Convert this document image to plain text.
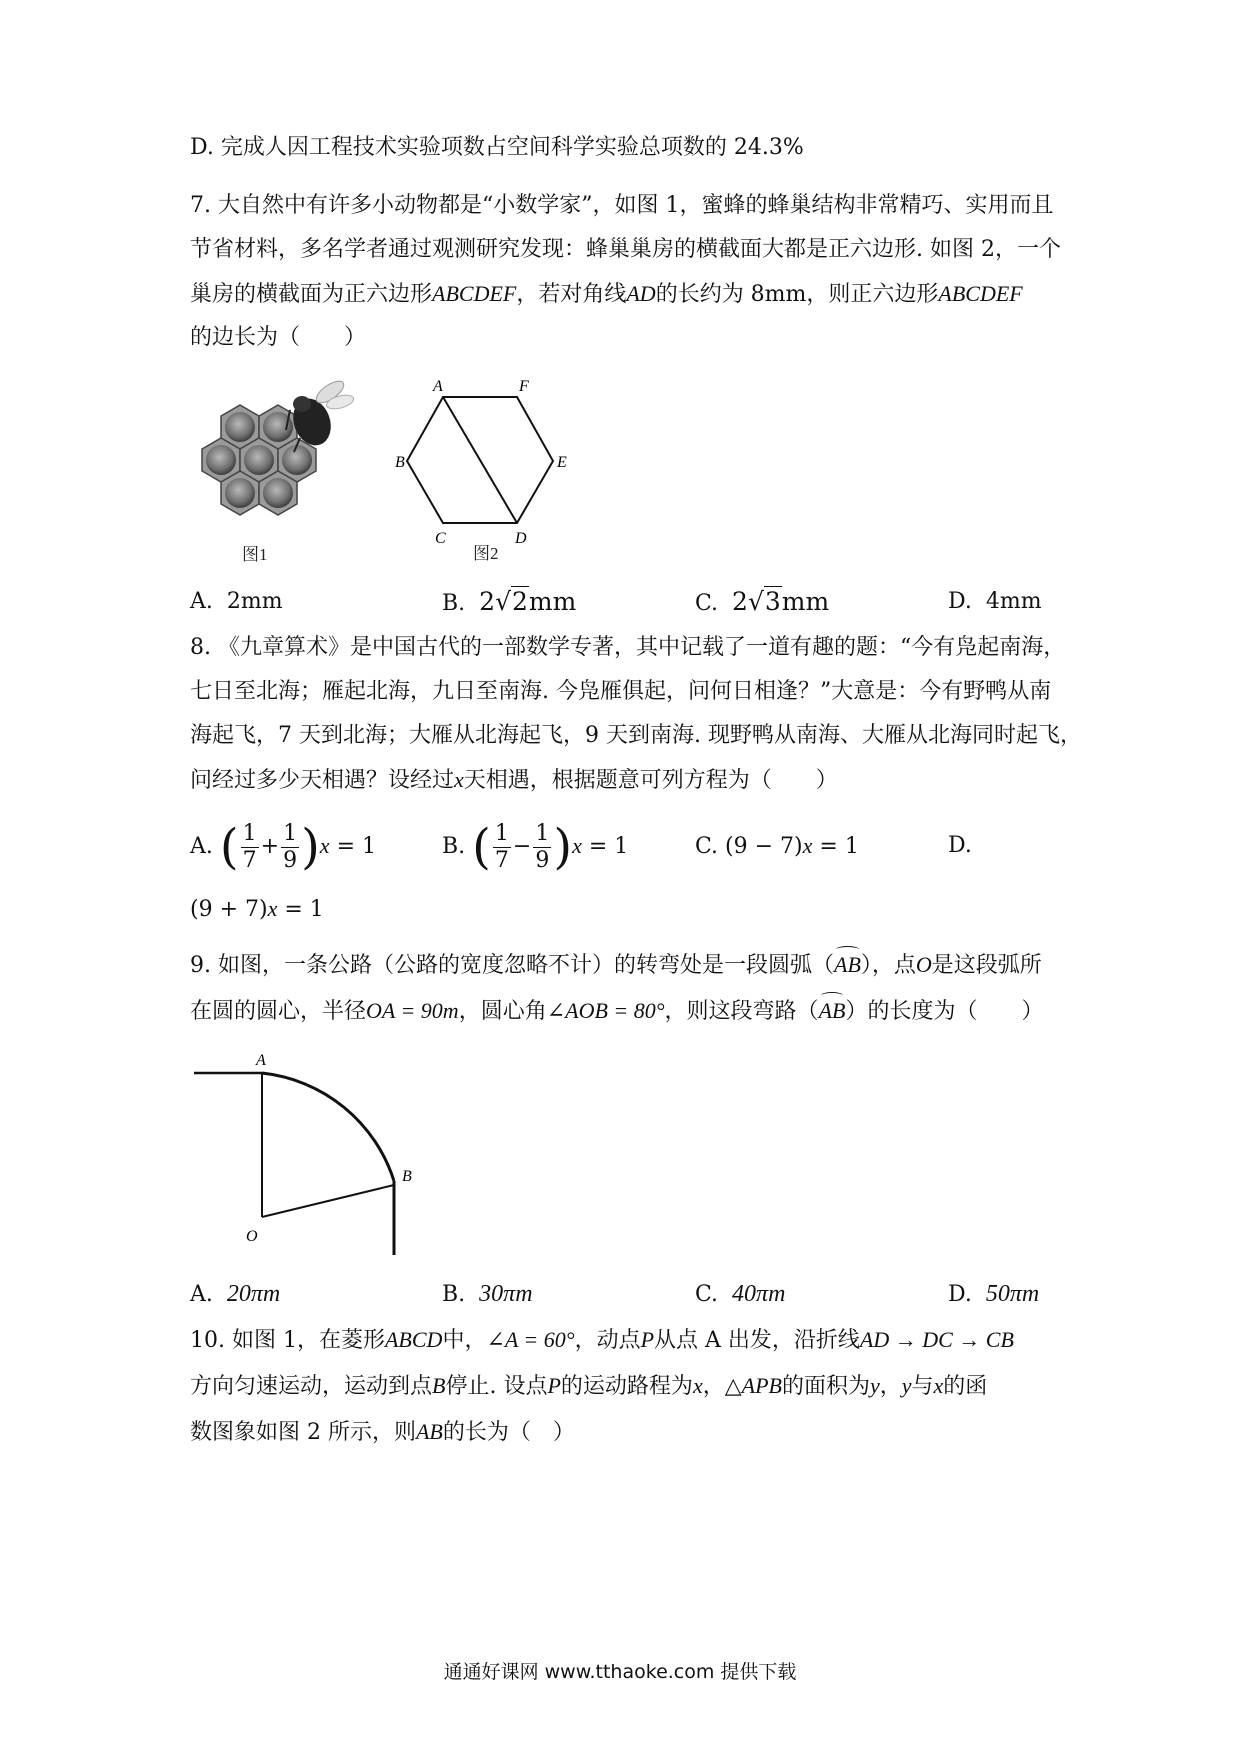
D. 完成人因工程技术实验项数占空间科学实验总项数的 24.3%
7. 大自然中有许多小动物都是“小数学家”，如图 1，蜜蜂的蜂巢结构非常精巧、实用而且
节省材料，多名学者通过观测研究发现：蜂巢巢房的横截面大都是正六边形. 如图 2，一个
巢房的横截面为正六边形ABCDEF，若对角线AD的长约为 8mm，则正六边形ABCDEF
的边长为（　　）
图1
A	F
B	E
C	D
图2
A. 2mm	B. 2√2mm	C. 2√3mm	D. 4mm
8. 《九章算术》是中国古代的一部数学专著，其中记载了一道有趣的题：“今有凫起南海，
七日至北海；雁起北海，九日至南海. 今凫雁俱起，问何日相逢？”大意是：今有野鸭从南
海起飞，7 天到北海；大雁从北海起飞，9 天到南海. 现野鸭从南海、大雁从北海同时起飞，
问经过多少天相遇？设经过x天相遇，根据题意可列方程为（　　）
A. ( $\frac{1}{7} + \frac{1}{9} )x = 1$	B. ( $\frac{1}{7} - \frac{1}{9} )x = 1$	C. (9 − 7)x = 1	D.
(9 + 7)x = 1
9. 如图，一条公路（公路的宽度忽略不计）的转弯处是一段圆弧（AB），点O是这段弧所
在圆的圆心，半径OA = 90m，圆心角∠AOB = 80°，则这段弯路（AB）的长度为（　　）
A
B
O
A. 20πm	B. 30πm	C. 40πm	D. 50πm
10. 如图 1，在菱形ABCD中，∠A = 60°，动点P从点 A 出发，沿折线AD → DC → CB
方向匀速运动，运动到点B停止. 设点P的运动路程为x，△APB的面积为y，y与x的函
数图象如图 2 所示，则AB的长为（　）
通通好课网 www.tthaoke.com 提供下载
